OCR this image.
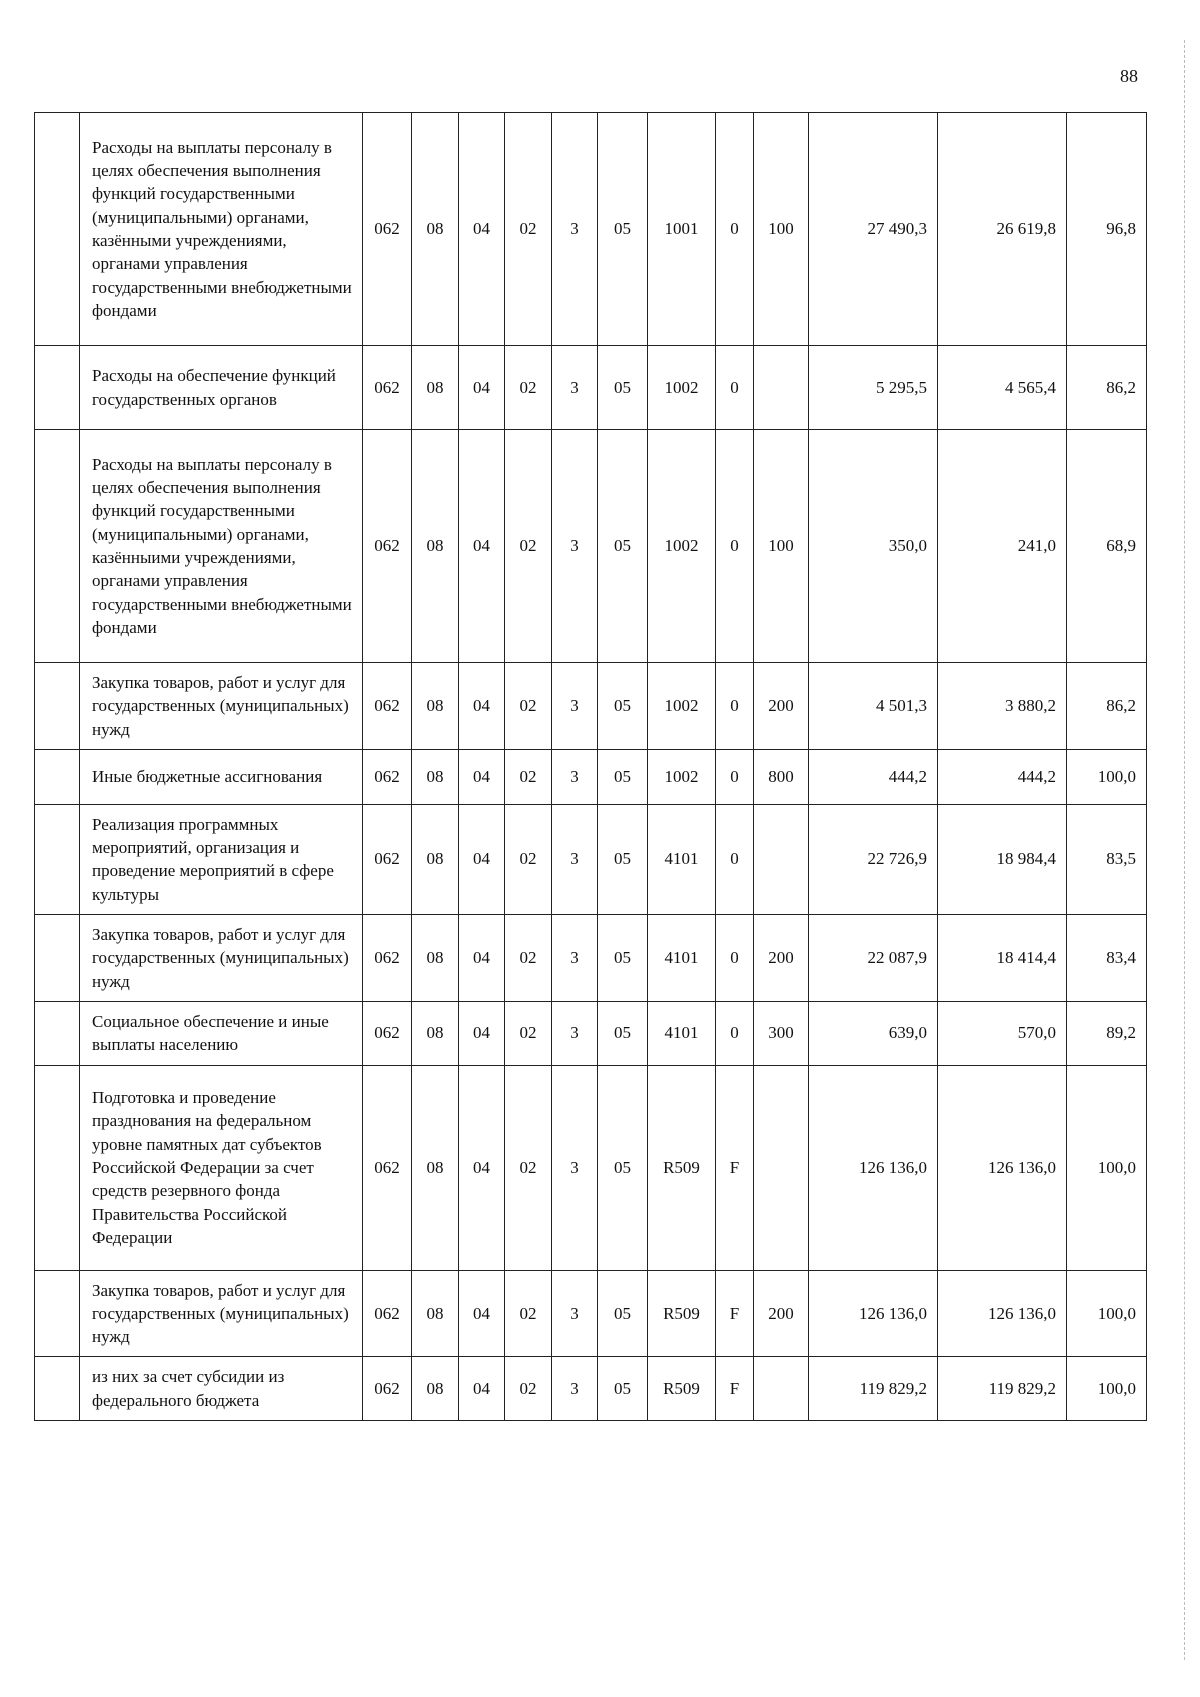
88
	Расходы на выплаты персоналу в целях обеспечения выполнения функций государственными (муниципальными) органами, казёнными учреждениями, органами управления государственными внебюджетными фондами	062	08	04	02	3	05	1001	0	100	27 490,3	26 619,8	96,8
	Расходы на обеспечение функций государственных органов	062	08	04	02	3	05	1002	0		5 295,5	4 565,4	86,2
	Расходы на выплаты персоналу в целях обеспечения выполнения функций государственными (муниципальными) органами, казённыими учреждениями, органами управления государственными внебюджетными фондами	062	08	04	02	3	05	1002	0	100	350,0	241,0	68,9
	Закупка товаров, работ и услуг для государственных (муниципальных) нужд	062	08	04	02	3	05	1002	0	200	4 501,3	3 880,2	86,2
	Иные бюджетные ассигнования	062	08	04	02	3	05	1002	0	800	444,2	444,2	100,0
	Реализация программных мероприятий, организация и проведение мероприятий в сфере культуры	062	08	04	02	3	05	4101	0		22 726,9	18 984,4	83,5
	Закупка товаров, работ и услуг для государственных (муниципальных) нужд	062	08	04	02	3	05	4101	0	200	22 087,9	18 414,4	83,4
	Социальное обеспечение и иные выплаты населению	062	08	04	02	3	05	4101	0	300	639,0	570,0	89,2
	Подготовка и проведение празднования на федеральном уровне памятных дат субъектов Российской Федерации за счет средств резервного фонда Правительства Российской Федерации	062	08	04	02	3	05	R509	F		126 136,0	126 136,0	100,0
	Закупка товаров, работ и услуг для государственных (муниципальных) нужд	062	08	04	02	3	05	R509	F	200	126 136,0	126 136,0	100,0
	из них за счет субсидии из федерального бюджета	062	08	04	02	3	05	R509	F		119 829,2	119 829,2	100,0
